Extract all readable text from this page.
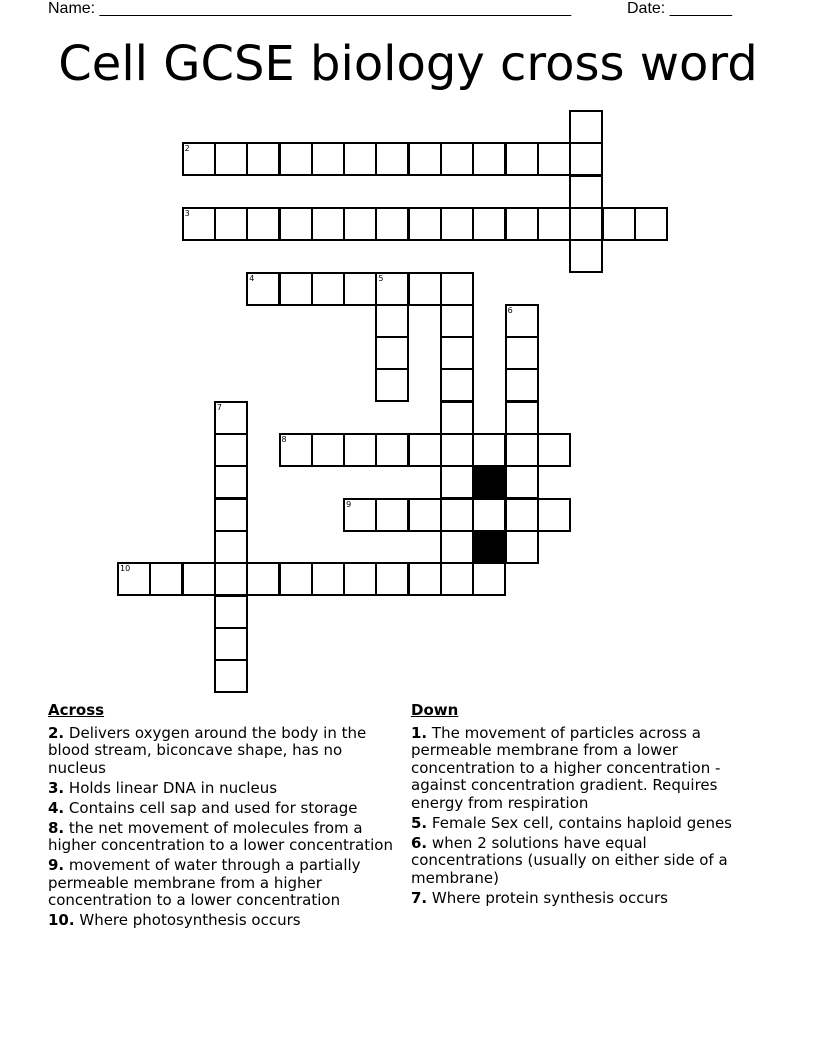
Name: _____________________________________________________	Date: _______
Cell GCSE biology cross word
2
3
4	5
6
7
8
9
10
Across
2. Delivers oxygen around the body in the blood stream, biconcave shape, has no nucleus
3. Holds linear DNA in nucleus
4. Contains cell sap and used for storage
8. the net movement of molecules from a higher concentration to a lower concentration
9. movement of water through a partially permeable membrane from a higher concentration to a lower concentration
10. Where photosynthesis occurs
Down
1. The movement of particles across a permeable membrane from a lower concentration to a higher concentration - against concentration gradient. Requires energy from respiration
5. Female Sex cell, contains haploid genes
6. when 2 solutions have equal concentrations (usually on either side of a membrane)
7. Where protein synthesis occurs
